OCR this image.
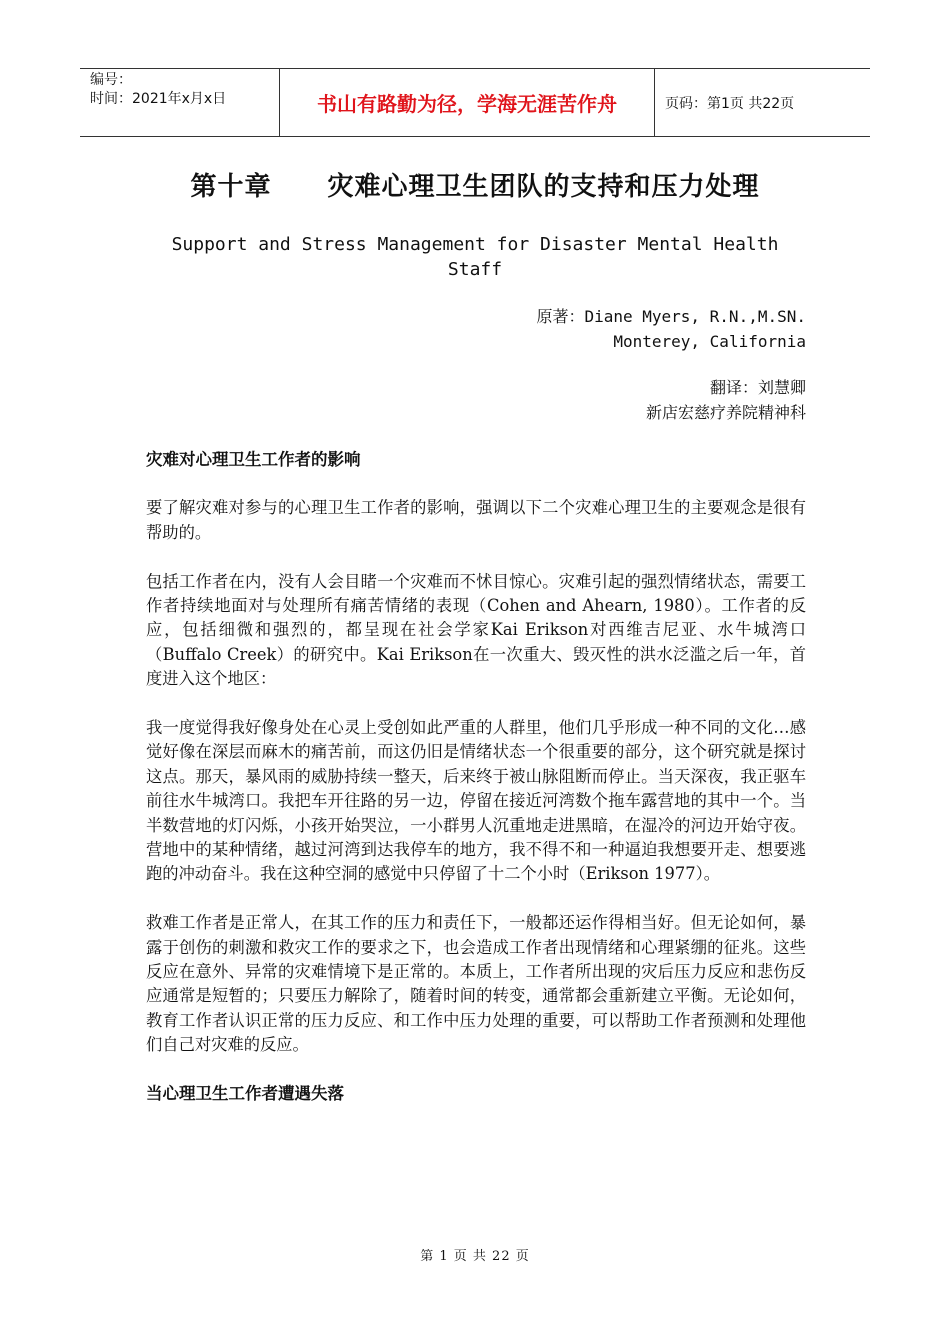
编号：
时间：2021年x月x日	书山有路勤为径，学海无涯苦作舟	页码：第1页 共22页
第十章 灾难心理卫生团队的支持和压力处理
Support and Stress Management for Disaster Mental Health
Staff
原著：Diane Myers, R.N.,M.SN.
Monterey, California
翻译：刘慧卿
新店宏慈疗养院精神科
灾难对心理卫生工作者的影响

要了解灾难对参与的心理卫生工作者的影响，强调以下二个灾难心理卫生的主要观念是很有帮助的。

包括工作者在内，没有人会目睹一个灾难而不怵目惊心。灾难引起的强烈情绪状态，需要工作者持续地面对与处理所有痛苦情绪的表现（Cohen and Ahearn, 1980）。工作者的反应，包括细微和强烈的，都呈现在社会学家Kai Erikson对西维吉尼亚、水牛城湾口（Buffalo Creek）的研究中。Kai Erikson在一次重大、毁灭性的洪水泛滥之后一年，首度进入这个地区：

我一度觉得我好像身处在心灵上受创如此严重的人群里，他们几乎形成一种不同的文化…感觉好像在深层而麻木的痛苦前，而这仍旧是情绪状态一个很重要的部分，这个研究就是探讨这点。那天，暴风雨的威胁持续一整天，后来终于被山脉阻断而停止。当天深夜，我正驱车前往水牛城湾口。我把车开往路的另一边，停留在接近河湾数个拖车露营地的其中一个。当半数营地的灯闪烁，小孩开始哭泣，一小群男人沉重地走进黑暗，在湿冷的河边开始守夜。营地中的某种情绪，越过河湾到达我停车的地方，我不得不和一种逼迫我想要开走、想要逃跑的冲动奋斗。我在这种空洞的感觉中只停留了十二个小时（Erikson 1977）。

救难工作者是正常人，在其工作的压力和责任下，一般都还运作得相当好。但无论如何，暴露于创伤的刺激和救灾工作的要求之下，也会造成工作者出现情绪和心理紧绷的征兆。这些反应在意外、异常的灾难情境下是正常的。本质上，工作者所出现的灾后压力反应和悲伤反应通常是短暂的；只要压力解除了，随着时间的转变，通常都会重新建立平衡。无论如何，教育工作者认识正常的压力反应、和工作中压力处理的重要，可以帮助工作者预测和处理他们自己对灾难的反应。

当心理卫生工作者遭遇失落
第 1 页 共 22 页
